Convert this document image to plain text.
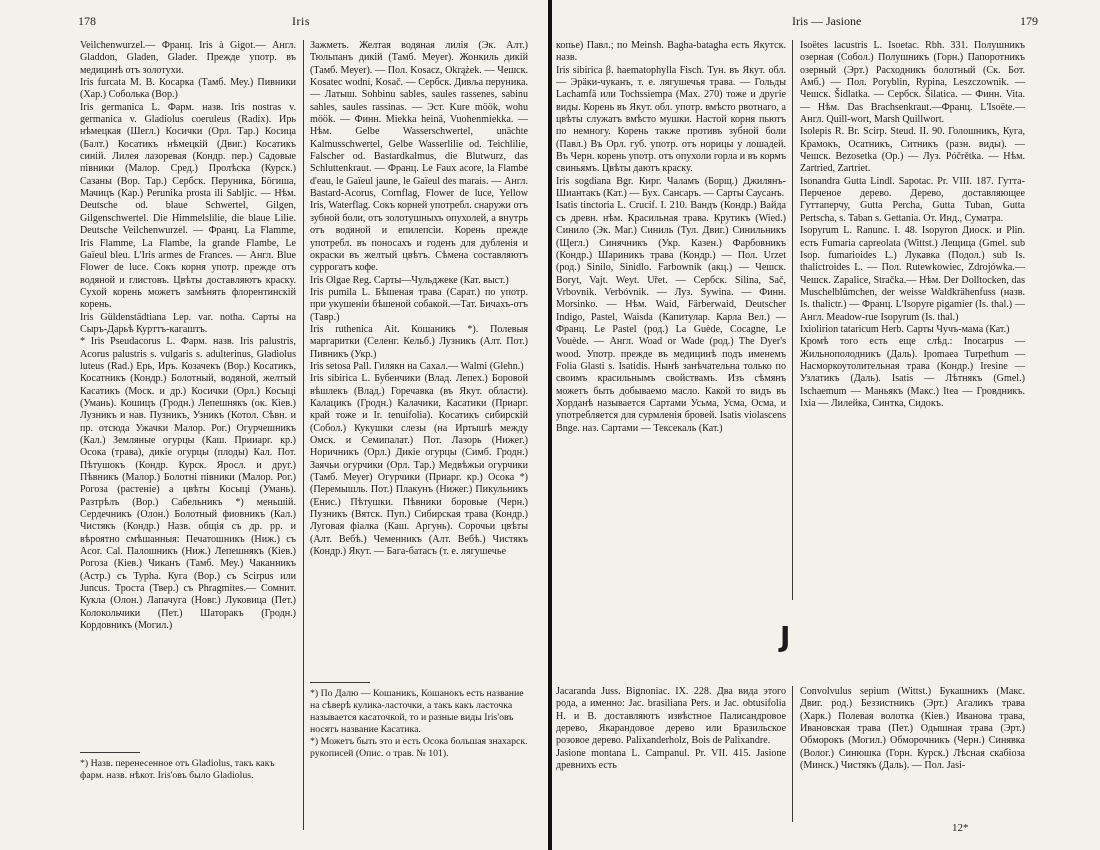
178	Iris

Veilchenwurzel.— Франц. Iris à Gigot.— Англ. Gladdon, Gladen, Glader. Прежде употр. въ медицинѣ отъ золотухи.

Iris furcata M. B. Косарка (Тамб. Меу.) Пивники (Хар.) Соболька (Вор.)

Iris germanica L. Фарм. назв. Iris nostras v. germanica v. Gladiolus coeruleus (Radix). Ирь нѣмецкая (Шегл.) Косички (Орл. Тар.) Косица (Балт.) Косатикъ нѣмецкій (Двиг.) Косатикъ синій. Лилея лазоревая (Кондр. пер.) Садовые півники (Малор. Сред.) Пролѣска (Курск.) Сазаны (Вор. Тар.) Сербск. Перуника, Бöгиша, Мачицъ (Кар.) Perunika prosta ili Sabljic. — Нѣм. Deutsche od. blaue Schwertel, Gilgen, Gilgenschwertel. Die Himmelslilie, die blaue Lilie. Deutsche Veilchenwurzel. — Франц. La Flamme, Iris Flamme, La Flambe, la grande Flambe, Le Gaïeul bleu. L'Iris armes de Frances. — Англ. Blue Flower de luce. Сокъ корня употр. прежде отъ водяной и глистовъ. Цвѣты доставляютъ краску. Сухой корень можетъ замѣнять флорентинскій корень.

Iris Güldenstädtiana Lep. var. notha. Сарты на Сыръ-Дарьѣ Курттъ-кагаштъ.

* Iris Pseudacorus L. Фарм. назв. Iris palustris, Acorus palustris s. vulgaris s. adulterinus, Gladiolus luteus (Rad.) Ерь, Иръ. Козачекъ (Вор.) Косатикъ, Косатникъ (Кондр.) Болотный, водяной, желтый Касатикъ (Моск. и др.) Косички (Орл.) Косыці (Умань). Кошицъ (Гродн.) Лепешнякъ (ок. Кіев.) Лузникъ и нав. Пузникъ, Узникъ (Котол. Сѣвн. и пр. отсюда Ужачки Малор. Рог.) Огурчешникъ (Кал.) Земляные огурцы (Каш. Прииарг. кр.) Осока (трава), дикіе огурцы (плоды) Кал. Пот. Пѣтушокъ (Кондр. Курск. Яросл. и друг.) Пѣвникъ (Малор.) Болотні півники (Малор. Рог.) Рогоза (растеніе) а цвѣты Косыці (Умань). Разтрѣлъ (Вор.) Сабельникъ *) меньшій. Сердечникъ (Олон.) Болотный фиовникъ (Кал.) Чистякъ (Кондр.) Назв. общія съ др. рр. и вѣроятно смѣшанныя: Печатошникъ (Ниж.) съ Acor. Cal. Палошникъ (Ниж.) Лепешнякъ (Кіев.) Рогоза (Кіев.) Чиканъ (Тамб. Меу.) Чаканникъ (Астр.) съ Typha. Куга (Вор.) съ Scirpus или Juncus. Троста (Твер.) съ Phragmites.— Сомнит. Кукла (Олон.) Лапачуга (Новг.) Луковица (Пет.) Колокольчики (Пет.) Шаторакъ (Гродн.) Кордовникъ (Могил.)

Зажметь. Желтая водяная лилія (Эк. Алт.) Тюльпанъ дикій (Тамб. Меуer). Жонкиль дикій (Тамб. Меуer). — Пол. Kosacz, Okrążek. — Чешск. Kosatec wodní, Kosač. — Сербск. Дивља перуника. — Латыш. Sohbinu sables, saules rassenes, sabinu sahles, saules rassinas. — Эст. Kure möök, wohu möök. — Финн. Miekka heinä, Vuohenmiekka. — Нѣм. Gelbe Wasserschwertel, unächte Kalmusschwertel, Gelbe Wasserlilie od. Teichlilie, Falscher od. Bastardkalmus, die Blutwurz, das Schluttenkraut. — Франц. Le Faux acore, la Flambe d'eau, le Gaïeul jaune, le Gaïeul des marais. — Англ. Bastard-Acorus, Cornflag, Flower de luce, Yellow Iris, Waterflag. Сокъ корней употребл. снаружи отъ зубной боли, отъ золотушныхъ опухолей, а внутрь отъ водяной и епилепсіи. Корень прежде употребл. въ поносахъ и годенъ для дубленія и окраски въ желтый цвѣтъ. Сѣмена составляютъ суррогатъ кофе.

Iris Olgae Reg. Сарты—Чульджеке (Кат. выст.)

Iris pumila L. Бѣшеная трава (Сарат.) по употр. при укушеніи бѣшеной собакой.—Тат. Бичахъ-отъ (Тавр.)

Iris ruthenica Ait. Кошаникъ *). Полевыя маргаритки (Селенг. Кельб.) Лузникъ (Алт. Пот.) Пивникъ (Укр.)

Iris setosa Pall. Гилякн на Сахал.— Walmi (Glehn.)

Iris sibirica L. Бубенчики (Влад. Лепех.) Боровой вѣшлекъ (Влад.) Горечавка (въ Якут. области). Калацикъ (Гродн.) Калачики, Касатики (Приарг. край тоже и Ir. tenuifolia). Косатикъ сибирскій (Собол.) Кукушки слезы (на Иртышѣ между Омск. и Семипалат.) Пот. Лазорь (Нижег.) Норичникъ (Орл.) Дикіе огурцы (Симб. Гродн.) Заячьи огурчики (Орл. Тар.) Медвѣжьи огурчики (Тамб. Меуer) Огурчики (Приарг. кр.) Осока *) (Перемышль. Пот.) Плакунъ (Нижег.) Пикульникъ (Енис.) Пѣтушки. Пѣвники боровые (Черн.) Пузникъ (Вятск. Пуп.) Сибирская трава (Кондр.) Луговая фіалка (Каш. Аргунь). Сорочьи цвѣты (Алт. Вебѣ.) Чеменникъ (Алт. Вебѣ.) Чистякъ (Кондр.) Якут. — Бага-батасъ (т. е. лягушечье

*) Назв. перенесенное отъ Gladiolus, такъ какъ фарм. назв. нѣкот. Iris'овъ было Gladiolus.

*) По Далю — Кошаникъ, Кошанокъ есть название на сѣверѣ кулика-ласточки, а такъ какъ ласточка называется касаточкой, то и разные виды Iris'овъ носятъ название Касатика.

*) Можетъ быть это и есть Осока большая знахарск. рукописей (Опис. о трав. № 101).

Iris — Jasione	179

копье) Павл.; по Meinsh. Bagha-batagha есть Якутск. назв.

Iris sibirica β. haematophylla Fisch. Тун. въ Якут. обл. — Эрäки-чуканъ, т. е. лягушечья трава. — Гольды Lachamfä или Tochssiempa (Max. 270) тоже и другіе виды. Корень въ Якут. обл. употр. вмѣсто рвотнаго, а цвѣты служатъ вмѣсто мушки. Настой корня пьютъ по немногу. Корень также противъ зубной боли (Павл.) Въ Орл. губ. употр. отъ норицы у лошадей. Въ Черн. корень употр. отъ опухоли горла и въ кормъ свиньямъ. Цвѣты даютъ краску.

Iris sogdiana Bgr. Кирг. Чаламъ (Борщ.) Джилянъ-Шиантакъ (Кат.) — Бух. Сансаръ. — Сарты Саусанъ.

Isatis tinctoria L. Crucif. I. 210. Вандъ (Кондр.) Вайда съ древн. нѣм. Красильная трава. Крутикъ (Wied.) Синило (Эк. Маг.) Синиль (Тул. Двиг.) Синильникъ (Щегл.) Синячникъ (Укр. Казен.) Фарбовникъ (Кондр.) Шариникъ трава (Кондр.) — Пол. Urzet (род.) Sinilo, Sinidlo. Farbownik (акц.) — Чешск. Boryt, Vajt. Weyt. Uřet. — Сербск. Silina, Sač, Vrbovnik. Verbóvnik. — Луз. Sywina. — Финн. Morsinko. — Нѣм. Waid, Färberwaid, Deutscher Indigo, Pastel, Waisda (Капитулар. Карла Вел.) — Франц. Le Pastel (род.) La Guède, Cocagne, Le Vouède. — Англ. Woad or Wade (род.) The Dyer's wood. Употр. прежде въ медицинѣ подъ именемъ Folia Glasti s. Isatidis. Нынѣ занѣчательна только по своимъ красильнымъ свойствамъ. Изъ сѣмянъ можетъ быть добываемо масло. Какой то видъ въ Хорданѣ называется Сартами Усьма, Усма, Осма, и употребляется для сурмленія бровей. Isatis violascens Bnge. наз. Сартами — Тексекаль (Кат.)

Isoëtes lacustris L. Isoetac. Rbh. 331. Полушникъ озерная (Собол.) Полушникъ (Горн.) Папоротникъ озерный (Эрт.) Расходникъ болотный (Ск. Бот. Амб.) — Пол. Poryblin, Rypina, Leszczownik. — Чешск. Šidlatka. — Сербск. Šilatica. — Финн. Vita. — Нѣм. Das Brachsenkraut.—Франц. L'Isoëte.— Англ. Quill-wort, Marsh Quillwort.

Isolepis R. Br. Scirp. Steud. II. 90. Голошникъ, Куга, Крамокъ, Осатникъ, Ситникъ (разн. виды). — Чешск. Bezosetka (Ор.) — Луз. Póčrětka. — Нѣм. Zartried, Zartriet.

Isonandra Gutta Lindl. Sapotac. Pr. VIII. 187. Гутта-Перченое дерево. Дерево, доставляющее Гуттаперчу, Gutta Percha, Gutta Tuban, Gutta Pertscha, s. Taban s. Gettania. От. Инд., Суматра.

Isopyrum L. Ranunc. I. 48. Isopyron Диоск. и Plin. есть Fumaria capreolata (Wittst.) Лещица (Gmel. sub Isop. fumarioides L.) Лукавка (Подол.) sub Is. thalictroides L. — Пол. Rutewkowiec, Zdrojówka.—Чешск. Zapalice, Stračka.— Нѣм. Der Dolltocken, das Muschelblümchen, der weisse Waldkrähenfuss (назв. Is. thalictr.) — Франц. L'Isopyre pigamier (Is. thal.) — Англ. Meadow-rue Isopyrum (Is. thal.)

Ixiolirion tataricum Herb. Сарты Чучъ-мама (Кат.)

Кромѣ того есть еще слѣд.: Inocarpus — Жильнополодникъ (Даль). Ipomaea Turpethum — Насморкоутолительная трава (Кондр.) Iresine — Узлатикъ (Даль). Isatis — Лѣтнякъ (Gmel.) Ischaemum — Маньякъ (Макс.) Itea — Гровдникъ. Ixia — Лилейка, Синтка, Сидокъ.

J

Jacaranda Juss. Bignoniac. IX. 228. Два вида этого рода, а именно: Jac. brasiliana Pers. и Jac. obtusifolia H. и B. доставляютъ извѣстное Палисандровое дерево, Якарандовое дерево или Бразильское розовое дерево. Palixanderholz, Bois de Palixandre.

Jasione montana L. Campanul. Pr. VII. 415. Jasione древнихъ есть

Convolvulus sepium (Wittst.) Букашникъ (Макс. Двиг. род.) Беззистникъ (Эрт.) Агаликъ трава (Харк.) Полевая волотка (Кіев.) Иванова трава, Ивановская трава (Пет.) Одышная трава (Эрт.) Обморокъ (Могил.) Обморочникъ (Черн.) Синявка (Волог.) Синюшка (Горн. Курск.) Лѣсная скабіоза (Минск.) Чистякъ (Даль). — Пол. Jasi-

12*
